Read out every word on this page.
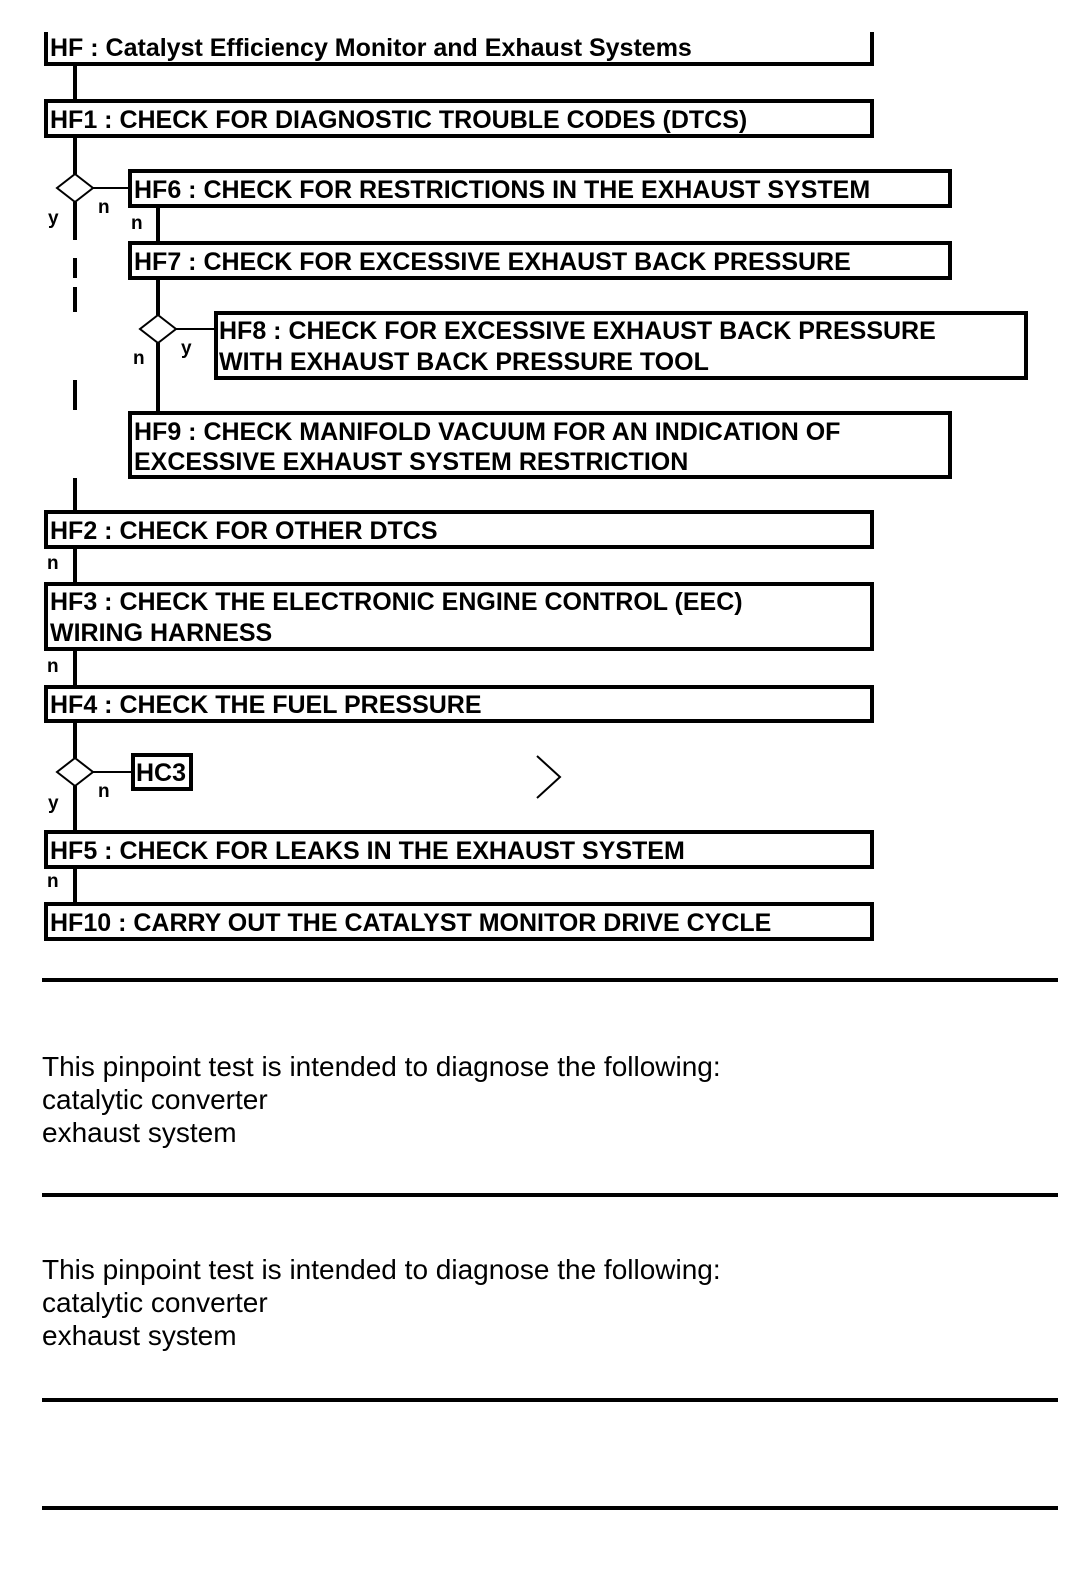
HF : Catalyst Efficiency Monitor and Exhaust Systems
HF1 : CHECK FOR DIAGNOSTIC TROUBLE CODES (DTCS)
HF6 : CHECK FOR RESTRICTIONS IN THE EXHAUST SYSTEM
HF7 : CHECK FOR EXCESSIVE EXHAUST BACK PRESSURE
HF8 : CHECK FOR EXCESSIVE EXHAUST BACK PRESSURE
WITH EXHAUST BACK PRESSURE TOOL
HF9 : CHECK MANIFOLD VACUUM FOR AN INDICATION OF
EXCESSIVE EXHAUST SYSTEM RESTRICTION
HF2 : CHECK FOR OTHER DTCS
HF3 : CHECK THE ELECTRONIC ENGINE CONTROL (EEC)
WIRING HARNESS
HF4 : CHECK THE FUEL PRESSURE
HC3
HF5 : CHECK FOR LEAKS IN THE EXHAUST SYSTEM
HF10 : CARRY OUT THE CATALYST MONITOR DRIVE CYCLE
y
n
n
n y
n
n
y
n
n
This pinpoint test is intended to diagnose the following:
catalytic converter
exhaust system
This pinpoint test is intended to diagnose the following:
catalytic converter
exhaust system
